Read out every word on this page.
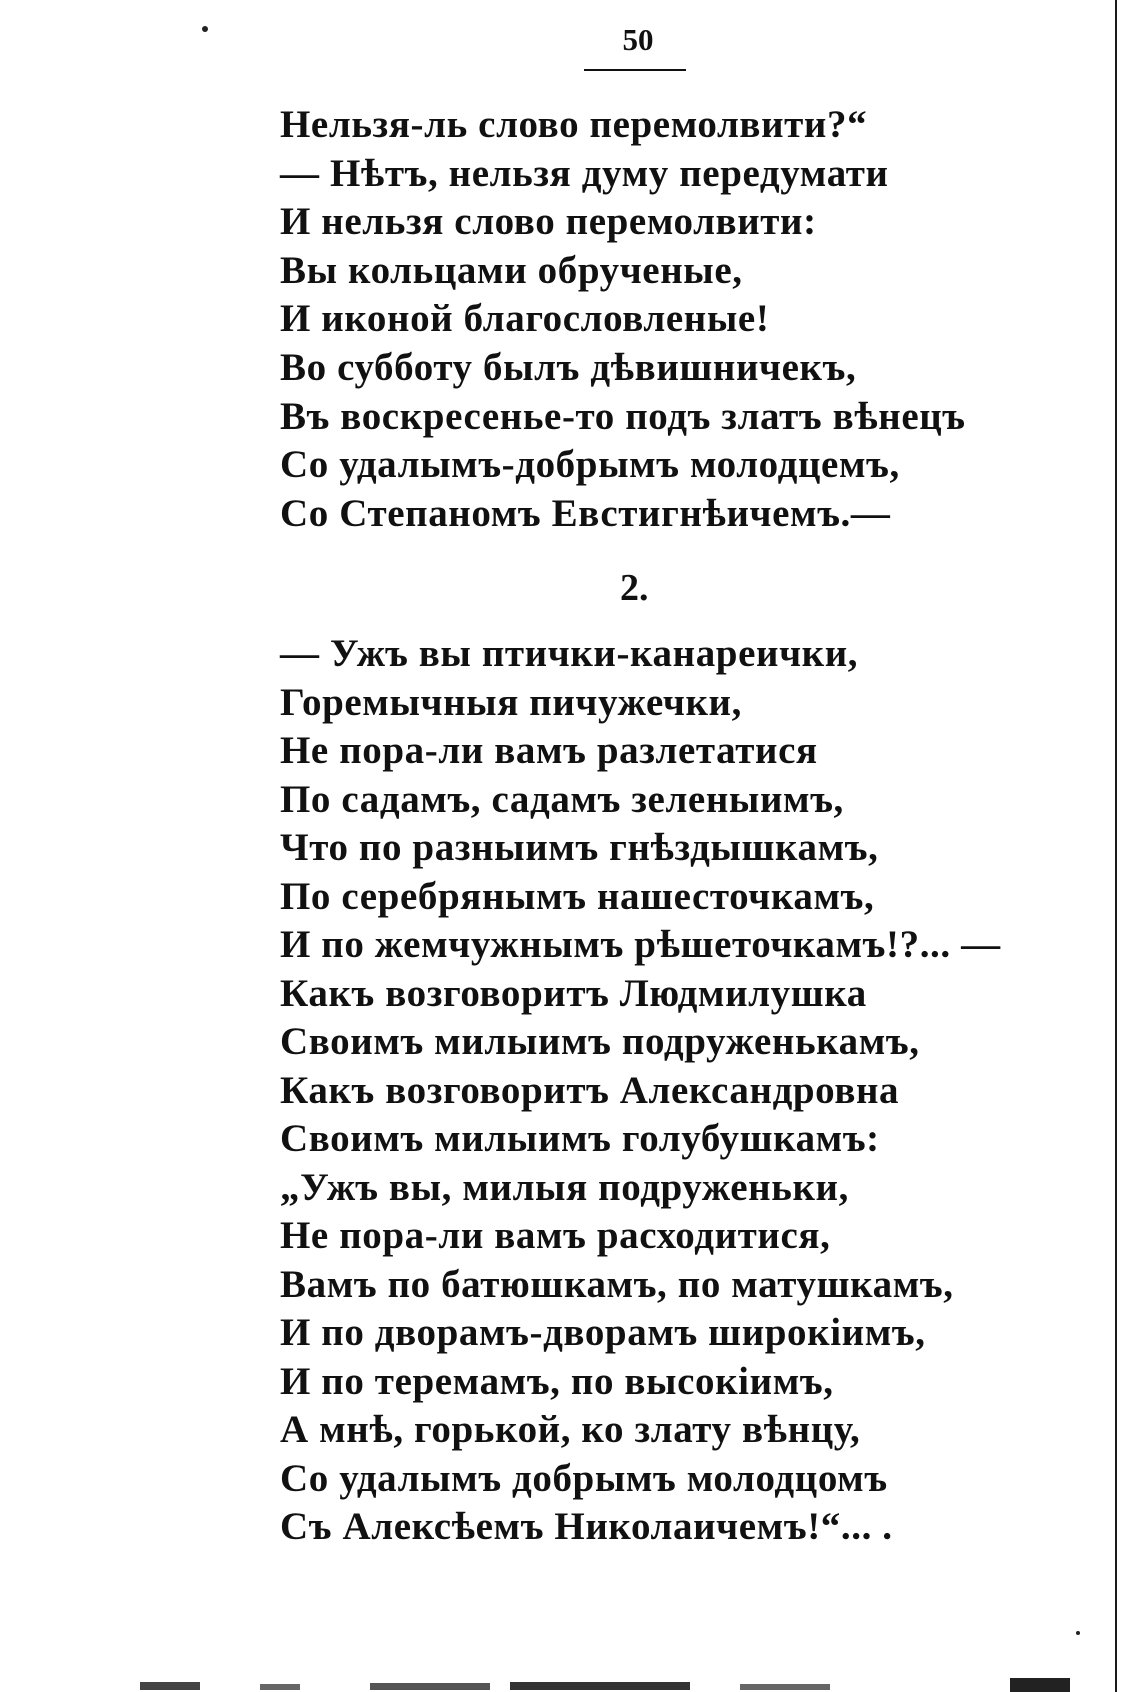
50
Нельзя-ль слово перемолвити?“
— Нѣтъ, нельзя думу передумати
И нельзя слово перемолвити:
Вы кольцами обрученые,
И иконой благословленые!
Во субботу былъ дѣвишничекъ,
Въ воскресенье-то подъ златъ вѣнецъ
Со удалымъ-добрымъ молодцемъ,
Со Степаномъ Евстигнѣичемъ.—
2.
— Ужъ вы птички-канареички,
Горемычныя пичужечки,
Не пора-ли вамъ разлетатися
По садамъ, садамъ зеленыимъ,
Что по разныимъ гнѣздышкамъ,
По серебрянымъ нашесточкамъ,
И по жемчужнымъ рѣшеточкамъ!?... —
Какъ возговоритъ Людмилушка
Своимъ милыимъ подруженькамъ,
Какъ возговоритъ Александровна
Своимъ милыимъ голубушкамъ:
„Ужъ вы, милыя подруженьки,
Не пора-ли вамъ расходитися,
Вамъ по батюшкамъ, по матушкамъ,
И по дворамъ-дворамъ широкіимъ,
И по теремамъ, по высокіимъ,
А мнѣ, горькой, ко злату вѣнцу,
Со удалымъ добрымъ молодцомъ
Съ Алексѣемъ Николаичемъ!“... .
